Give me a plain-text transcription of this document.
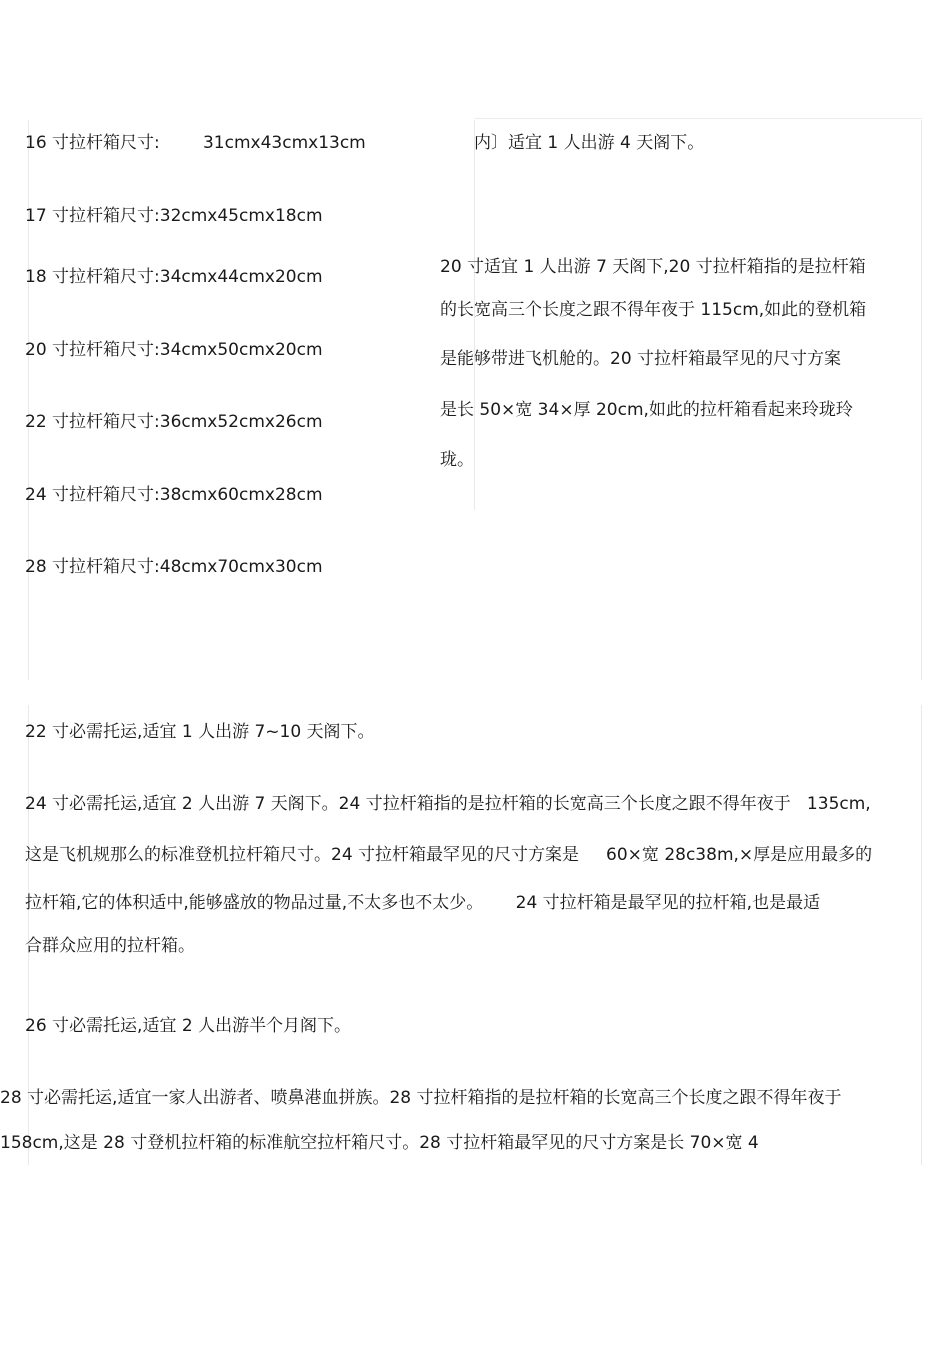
16 寸拉杆箱尺寸:        31cmx43cmx13cm
17 寸拉杆箱尺寸:32cmx45cmx18cm
18 寸拉杆箱尺寸:34cmx44cmx20cm
20 寸拉杆箱尺寸:34cmx50cmx20cm
22 寸拉杆箱尺寸:36cmx52cmx26cm
24 寸拉杆箱尺寸:38cmx60cmx28cm
28 寸拉杆箱尺寸:48cmx70cmx30cm
内〕适宜 1 人出游 4 天阁下。
20 寸适宜 1 人出游 7 天阁下,20 寸拉杆箱指的是拉杆箱
的长宽高三个长度之跟不得年夜于 115cm,如此的登机箱
是能够带进飞机舱的。20 寸拉杆箱最罕见的尺寸方案
是长 50×宽 34×厚 20cm,如此的拉杆箱看起来玲珑玲
珑。
22 寸必需托运,适宜 1 人出游 7~10 天阁下。
24 寸必需托运,适宜 2 人出游 7 天阁下。24 寸拉杆箱指的是拉杆箱的长宽高三个长度之跟不得年夜于   135cm,
这是飞机规那么的标准登机拉杆箱尺寸。24 寸拉杆箱最罕见的尺寸方案是     60×宽 28c38m,×厚是应用最多的
拉杆箱,它的体积适中,能够盛放的物品过量,不太多也不太少。      24 寸拉杆箱是最罕见的拉杆箱,也是最适
合群众应用的拉杆箱。
26 寸必需托运,适宜 2 人出游半个月阁下。
28 寸必需托运,适宜一家人出游者、喷鼻港血拼族。28 寸拉杆箱指的是拉杆箱的长宽高三个长度之跟不得年夜于
158cm,这是 28 寸登机拉杆箱的标准航空拉杆箱尺寸。28 寸拉杆箱最罕见的尺寸方案是长 70×宽 4
